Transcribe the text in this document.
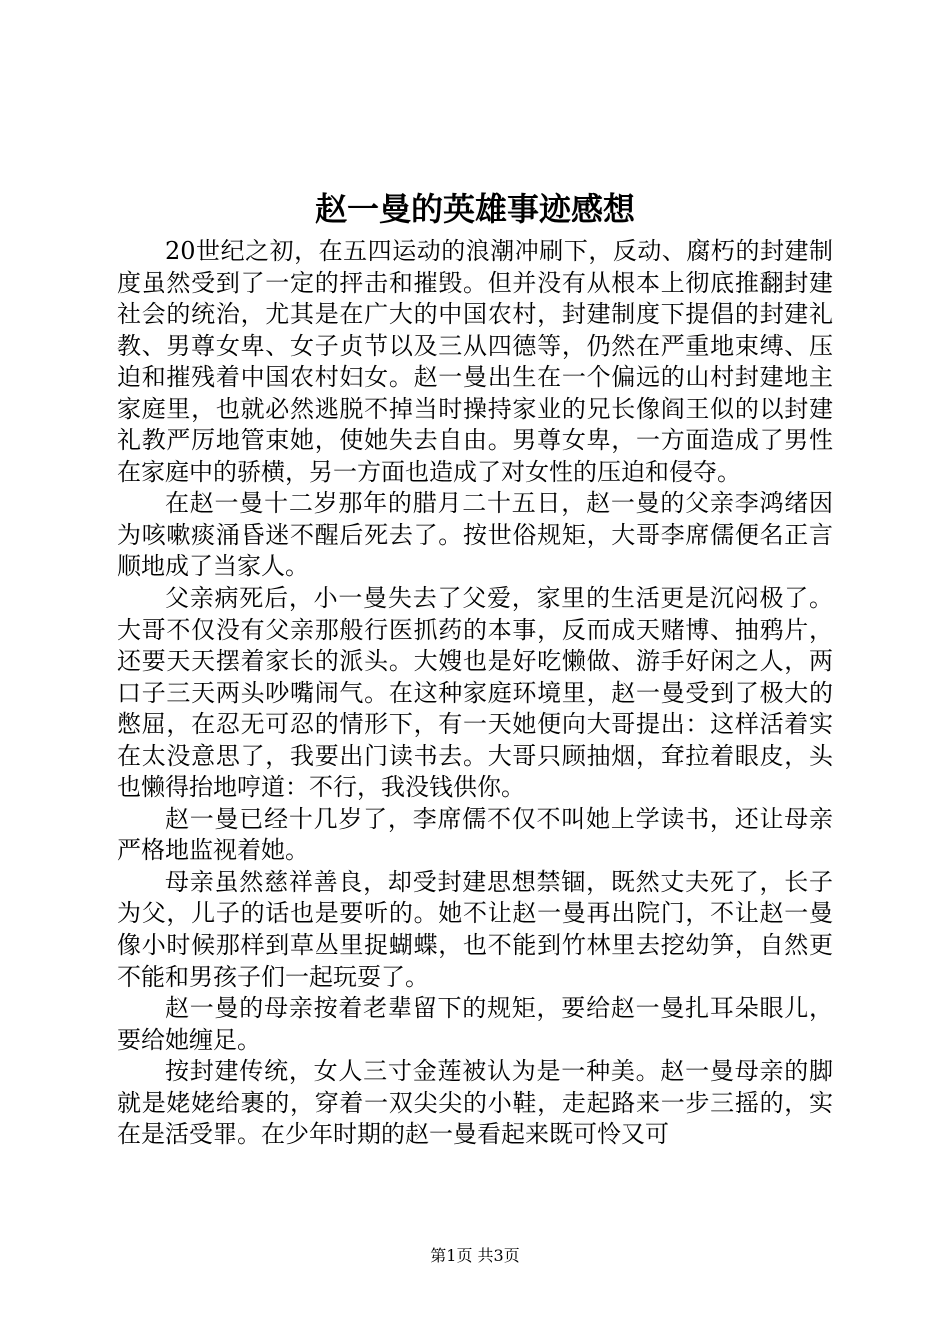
赵一曼的英雄事迹感想

20世纪之初，在五四运动的浪潮冲刷下，反动、腐朽的封建制度虽然受到了一定的抨击和摧毁。但并没有从根本上彻底推翻封建社会的统治，尤其是在广大的中国农村，封建制度下提倡的封建礼教、男尊女卑、女子贞节以及三从四德等，仍然在严重地束缚、压迫和摧残着中国农村妇女。赵一曼出生在一个偏远的山村封建地主家庭里，也就必然逃脱不掉当时操持家业的兄长像阎王似的以封建礼教严厉地管束她，使她失去自由。男尊女卑，一方面造成了男性在家庭中的骄横，另一方面也造成了对女性的压迫和侵夺。

在赵一曼十二岁那年的腊月二十五日，赵一曼的父亲李鸿绪因为咳嗽痰涌昏迷不醒后死去了。按世俗规矩，大哥李席儒便名正言顺地成了当家人。

父亲病死后，小一曼失去了父爱，家里的生活更是沉闷极了。大哥不仅没有父亲那般行医抓药的本事，反而成天赌博、抽鸦片，还要天天摆着家长的派头。大嫂也是好吃懒做、游手好闲之人，两口子三天两头吵嘴闹气。在这种家庭环境里，赵一曼受到了极大的憋屈，在忍无可忍的情形下，有一天她便向大哥提出：这样活着实在太没意思了，我要出门读书去。大哥只顾抽烟，耷拉着眼皮，头也懒得抬地哼道：不行，我没钱供你。

赵一曼已经十几岁了，李席儒不仅不叫她上学读书，还让母亲严格地监视着她。

母亲虽然慈祥善良，却受封建思想禁锢，既然丈夫死了，长子为父，儿子的话也是要听的。她不让赵一曼再出院门，不让赵一曼像小时候那样到草丛里捉蝴蝶，也不能到竹林里去挖幼笋，自然更不能和男孩子们一起玩耍了。

赵一曼的母亲按着老辈留下的规矩，要给赵一曼扎耳朵眼儿，要给她缠足。

按封建传统，女人三寸金莲被认为是一种美。赵一曼母亲的脚就是姥姥给裹的，穿着一双尖尖的小鞋，走起路来一步三摇的，实在是活受罪。在少年时期的赵一曼看起来既可怜又可

第1页 共3页
